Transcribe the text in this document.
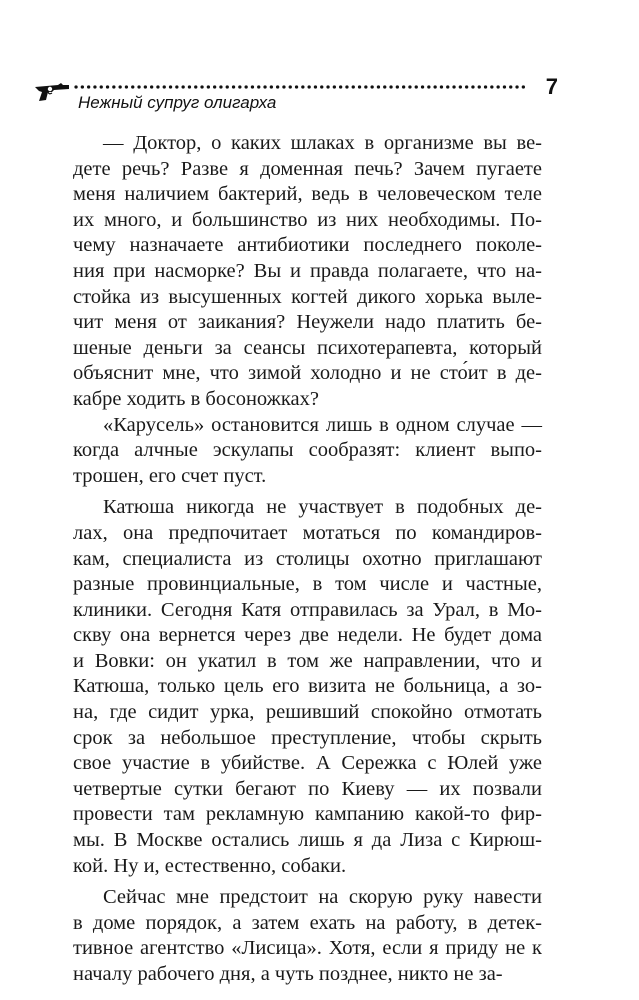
7
Нежный супруг олигарха
— Доктор, о каких шлаках в организме вы ве-
дете речь? Разве я доменная печь? Зачем пугаете
меня наличием бактерий, ведь в человеческом теле
их много, и большинство из них необходимы. По-
чему назначаете антибиотики последнего поколе-
ния при насморке? Вы и правда полагаете, что на-
стойка из высушенных когтей дикого хорька выле-
чит меня от заикания? Неужели надо платить бе-
шеные деньги за сеансы психотерапевта, который
объяснит мне, что зимой холодно и не сто́ит в де-
кабре ходить в босоножках?
«Карусель» остановится лишь в одном случае —
когда алчные эскулапы сообразят: клиент выпо-
трошен, его счет пуст.
Катюша никогда не участвует в подобных де-
лах, она предпочитает мотаться по командиров-
кам, специалиста из столицы охотно приглашают
разные провинциальные, в том числе и частные,
клиники. Сегодня Катя отправилась за Урал, в Мо-
скву она вернется через две недели. Не будет дома
и Вовки: он укатил в том же направлении, что и
Катюша, только цель его визита не больница, а зо-
на, где сидит урка, решивший спокойно отмотать
срок за небольшое преступление, чтобы скрыть
свое участие в убийстве. А Сережка с Юлей уже
четвертые сутки бегают по Киеву — их позвали
провести там рекламную кампанию какой-то фир-
мы. В Москве остались лишь я да Лиза с Кирюш-
кой. Ну и, естественно, собаки.
Сейчас мне предстоит на скорую руку навести
в доме порядок, а затем ехать на работу, в детек-
тивное агентство «Лисица». Хотя, если я приду не к
началу рабочего дня, а чуть позднее, никто не за-
